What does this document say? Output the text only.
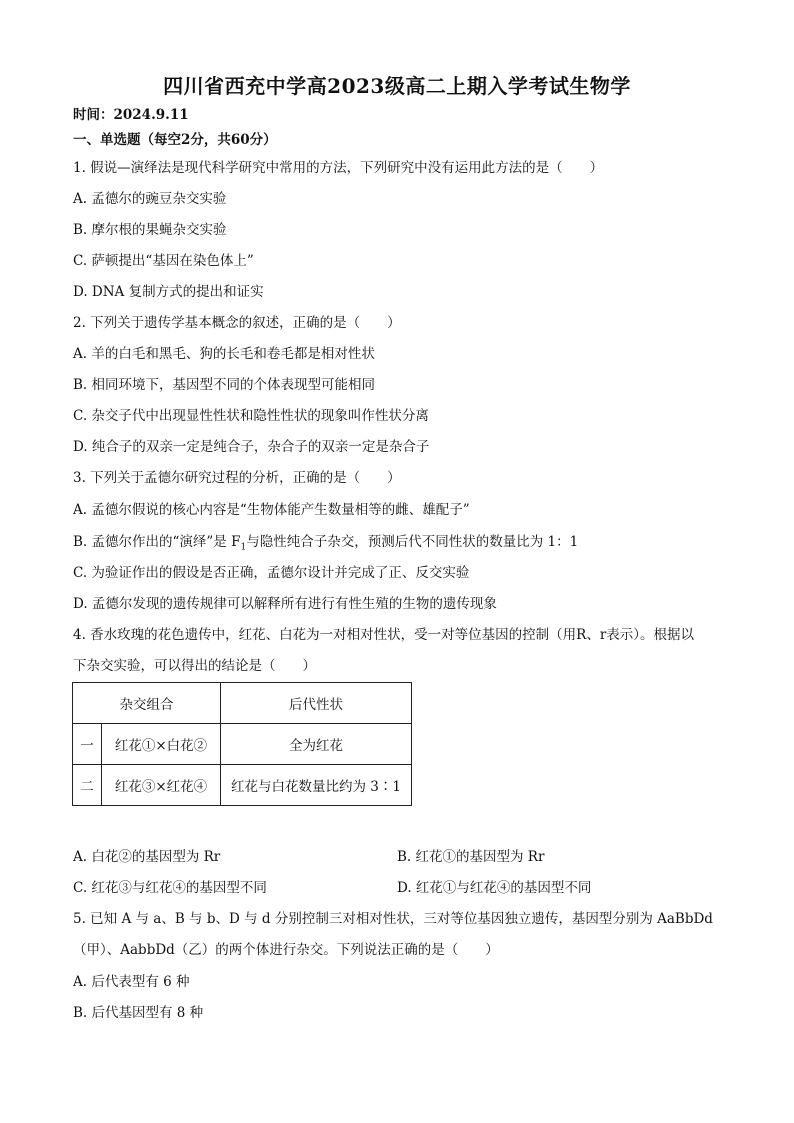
四川省西充中学高2023级高二上期入学考试生物学
时间：2024.9.11
一、单选题（每空2分，共60分）
1. 假说—演绎法是现代科学研究中常用的方法，下列研究中没有运用此方法的是（　　）
A. 孟德尔的豌豆杂交实验
B. 摩尔根的果蝇杂交实验
C. 萨顿提出“基因在染色体上”
D. DNA 复制方式的提出和证实
2. 下列关于遗传学基本概念的叙述，正确的是（　　）
A. 羊的白毛和黑毛、狗的长毛和卷毛都是相对性状
B. 相同环境下，基因型不同的个体表现型可能相同
C. 杂交子代中出现显性性状和隐性性状的现象叫作性状分离
D. 纯合子的双亲一定是纯合子，杂合子的双亲一定是杂合子
3. 下列关于孟德尔研究过程的分析，正确的是（　　）
A. 孟德尔假说的核心内容是“生物体能产生数量相等的雌、雄配子”
B. 孟德尔作出的“演绎”是 $F_1$与隐性纯合子杂交，预测后代不同性状的数量比为 1：1
C. 为验证作出的假设是否正确，孟德尔设计并完成了正、反交实验
D. 孟德尔发现的遗传规律可以解释所有进行有性生殖的生物的遗传现象
4. 香水玫瑰的花色遗传中，红花、白花为一对相对性状，受一对等位基因的控制（用R、r表示）。根据以
下杂交实验，可以得出的结论是（　　）
杂交组合		后代性状
一	红花①×白花②	全为红花
二	红花③×红花④	红花与白花数量比约为 3∶1
A. 白花②的基因型为 Rr	B. 红花①的基因型为 Rr
C. 红花③与红花④的基因型不同	D. 红花①与红花④的基因型不同
5. 已知 A 与 a、B 与 b、D 与 d 分别控制三对相对性状，三对等位基因独立遗传，基因型分别为 AaBbDd
（甲）、AabbDd（乙）的两个体进行杂交。下列说法正确的是（　　）
A. 后代表型有 6 种
B. 后代基因型有 8 种
